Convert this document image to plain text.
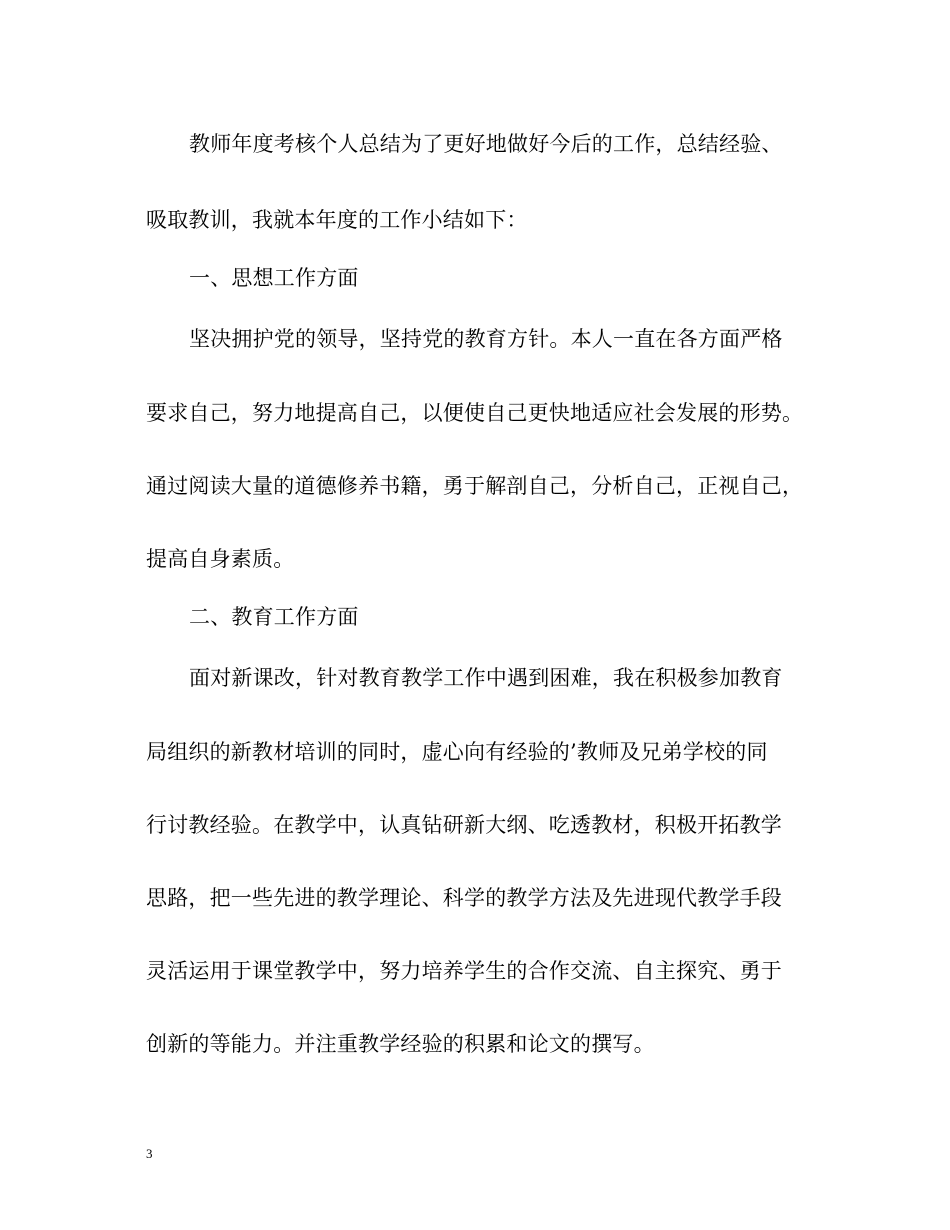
教师年度考核个人总结为了更好地做好今后的工作，总结经验、
吸取教训，我就本年度的工作小结如下：
一、思想工作方面
坚决拥护党的领导，坚持党的教育方针。本人一直在各方面严格
要求自己，努力地提高自己，以便使自己更快地适应社会发展的形势。
通过阅读大量的道德修养书籍，勇于解剖自己，分析自己，正视自己，
提高自身素质。
二、教育工作方面
面对新课改，针对教育教学工作中遇到困难，我在积极参加教育
局组织的新教材培训的同时，虚心向有经验的’教师及兄弟学校的同
行讨教经验。在教学中，认真钻研新大纲、吃透教材，积极开拓教学
思路，把一些先进的教学理论、科学的教学方法及先进现代教学手段
灵活运用于课堂教学中，努力培养学生的合作交流、自主探究、勇于
创新的等能力。并注重教学经验的积累和论文的撰写。
3
